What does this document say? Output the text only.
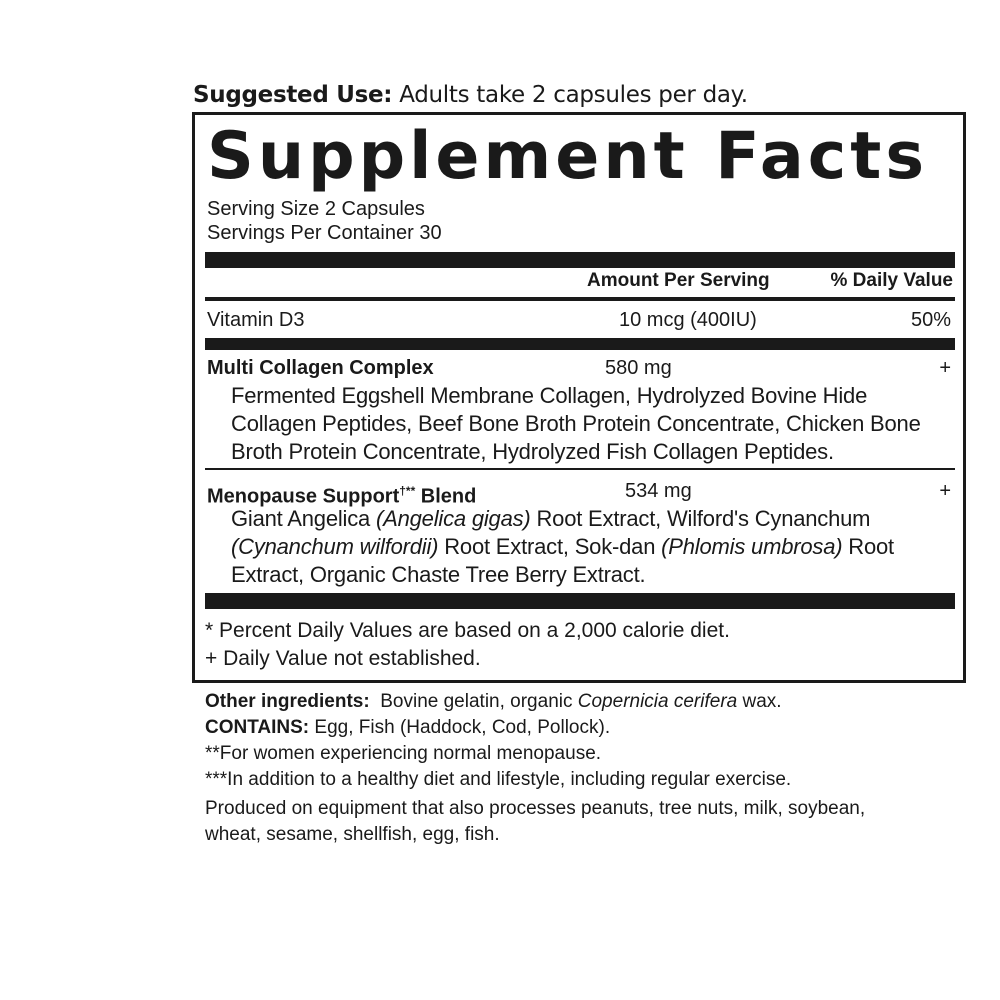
Suggested Use: Adults take 2 capsules per day.
Supplement Facts
Serving Size 2 Capsules
Servings Per Container 30
Amount Per Serving	% Daily Value
Vitamin D3	10 mcg (400IU)	50%
Multi Collagen Complex	580 mg	+
Fermented Eggshell Membrane Collagen, Hydrolyzed Bovine Hide
Collagen Peptides, Beef Bone Broth Protein Concentrate, Chicken Bone
Broth Protein Concentrate, Hydrolyzed Fish Collagen Peptides.
Menopause Support†** Blend	534 mg	+
Giant Angelica (Angelica gigas) Root Extract, Wilford's Cynanchum
(Cynanchum wilfordii) Root Extract, Sok-dan (Phlomis umbrosa) Root
Extract, Organic Chaste Tree Berry Extract.
* Percent Daily Values are based on a 2,000 calorie diet.
+ Daily Value not established.
Other ingredients:  Bovine gelatin, organic Copernicia cerifera wax.
CONTAINS: Egg, Fish (Haddock, Cod, Pollock).
**For women experiencing normal menopause.
***In addition to a healthy diet and lifestyle, including regular exercise.
Produced on equipment that also processes peanuts, tree nuts, milk, soybean,
wheat, sesame, shellfish, egg, fish.
